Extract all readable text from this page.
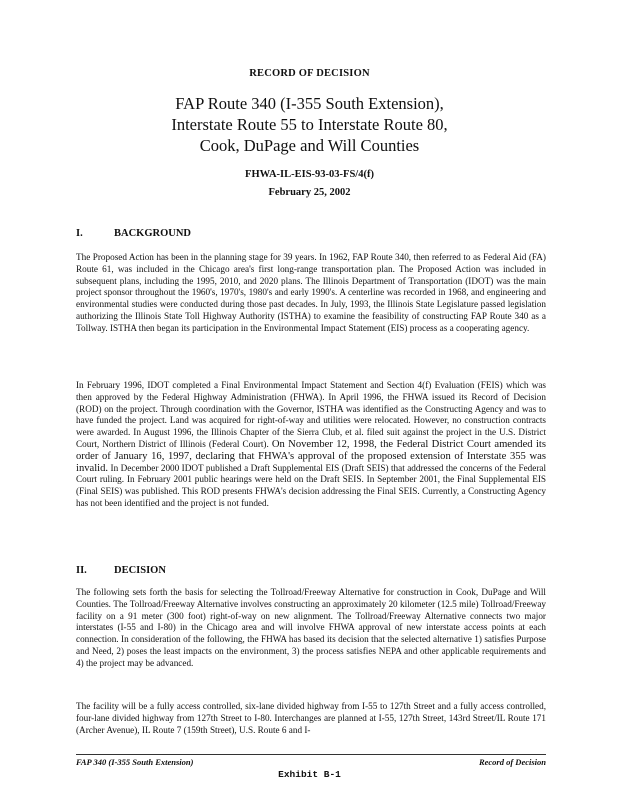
RECORD OF DECISION
FAP Route 340 (I-355 South Extension),
Interstate Route 55 to Interstate Route 80,
Cook, DuPage and Will Counties
FHWA-IL-EIS-93-03-FS/4(f)
February 25, 2002
I.	BACKGROUND

The Proposed Action has been in the planning stage for 39 years. In 1962, FAP Route 340, then referred to as Federal Aid (FA) Route 61, was included in the Chicago area's first long-range transportation plan. The Proposed Action was included in subsequent plans, including the 1995, 2010, and 2020 plans. The Illinois Department of Transportation (IDOT) was the main project sponsor throughout the 1960's, 1970's, 1980's and early 1990's. A centerline was recorded in 1968, and engineering and environmental studies were conducted during those past decades. In July, 1993, the Illinois State Legislature passed legislation authorizing the Illinois State Toll Highway Authority (ISTHA) to examine the feasibility of constructing FAP Route 340 as a Tollway. ISTHA then began its participation in the Environmental Impact Statement (EIS) process as a cooperating agency.

In February 1996, IDOT completed a Final Environmental Impact Statement and Section 4(f) Evaluation (FEIS) which was then approved by the Federal Highway Administration (FHWA). In April 1996, the FHWA issued its Record of Decision (ROD) on the project. Through coordination with the Governor, ISTHA was identified as the Constructing Agency and was to have funded the project. Land was acquired for right-of-way and utilities were relocated. However, no construction contracts were awarded. In August 1996, the Illinois Chapter of the Sierra Club, et al. filed suit against the project in the U.S. District Court, Northern District of Illinois (Federal Court). On November 12, 1998, the Federal District Court amended its order of January 16, 1997, declaring that FHWA's approval of the proposed extension of Interstate 355 was invalid. In December 2000 IDOT published a Draft Supplemental EIS (Draft SEIS) that addressed the concerns of the Federal Court ruling. In February 2001 public hearings were held on the Draft SEIS. In September 2001, the Final Supplemental EIS (Final SEIS) was published. This ROD presents FHWA's decision addressing the Final SEIS. Currently, a Constructing Agency has not been identified and the project is not funded.

II.	DECISION

The following sets forth the basis for selecting the Tollroad/Freeway Alternative for construction in Cook, DuPage and Will Counties. The Tollroad/Freeway Alternative involves constructing an approximately 20 kilometer (12.5 mile) Tollroad/Freeway facility on a 91 meter (300 foot) right-of-way on new alignment. The Tollroad/Freeway Alternative connects two major interstates (I-55 and I-80) in the Chicago area and will involve FHWA approval of new interstate access points at each connection. In consideration of the following, the FHWA has based its decision that the selected alternative 1) satisfies Purpose and Need, 2) poses the least impacts on the environment, 3) the process satisfies NEPA and other applicable requirements and 4) the project may be advanced.

The facility will be a fully access controlled, six-lane divided highway from I-55 to 127th Street and a fully access controlled, four-lane divided highway from 127th Street to I-80. Interchanges are planned at I-55, 127th Street, 143rd Street/IL Route 171 (Archer Avenue), IL Route 7 (159th Street), U.S. Route 6 and I-

FAP 340 (I-355 South Extension)	Record of Decision
Exhibit B-1
